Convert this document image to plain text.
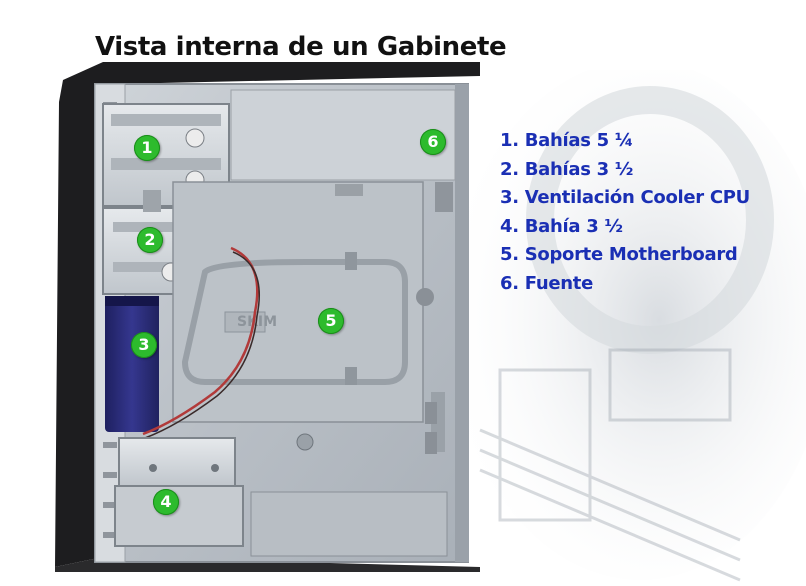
Vista interna de un Gabinete
SKIM
1
2
3
4
5
6	1. Bahías 5 ¼
2. Bahías 3 ½
3. Ventilación Cooler CPU
4. Bahía 3 ½
5. Soporte Motherboard
6. Fuente
